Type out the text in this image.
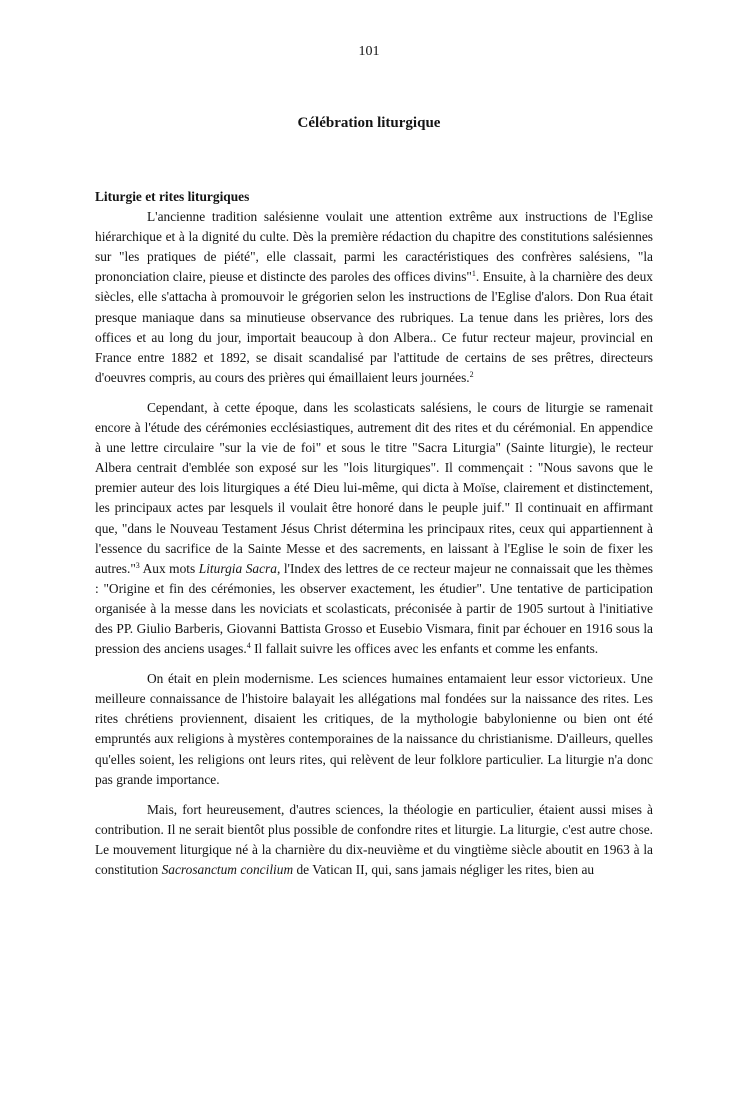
101
Célébration liturgique

Liturgie et rites liturgiques

L'ancienne tradition salésienne voulait une attention extrême aux instructions de l'Eglise hiérarchique et à la dignité du culte. Dès la première rédaction du chapitre des constitutions salésiennes sur "les pratiques de piété", elle classait, parmi les caractéristiques des confrères salésiens, "la prononciation claire, pieuse et distincte des paroles des offices divins"$^1$. Ensuite, à la charnière des deux siècles, elle s'attacha à promouvoir le grégorien selon les instructions de l'Eglise d'alors. Don Rua était presque maniaque dans sa minutieuse observance des rubriques. La tenue dans les prières, lors des offices et au long du jour, importait beaucoup à don Albera.. Ce futur recteur majeur, provincial en France entre 1882 et 1892, se disait scandalisé par l'attitude de certains de ses prêtres, directeurs d'oeuvres compris, au cours des prières qui émaillaient leurs journées.$^2$

Cependant, à cette époque, dans les scolasticats salésiens, le cours de liturgie se ramenait encore à l'étude des cérémonies ecclésiastiques, autrement dit des rites et du cérémonial. En appendice à une lettre circulaire "sur la vie de foi" et sous le titre "Sacra Liturgia" (Sainte liturgie), le recteur Albera centrait d'emblée son exposé sur les "lois liturgiques". Il commençait : "Nous savons que le premier auteur des lois liturgiques a été Dieu lui-même, qui dicta à Moïse, clairement et distinctement, les principaux actes par lesquels il voulait être honoré dans le peuple juif." Il continuait en affirmant que, "dans le Nouveau Testament Jésus Christ détermina les principaux rites, ceux qui appartiennent à l'essence du sacrifice de la Sainte Messe et des sacrements, en laissant à l'Eglise le soin de fixer les autres."$^3$ Aux mots Liturgia Sacra, l'Index des lettres de ce recteur majeur ne connaissait que les thèmes : "Origine et fin des cérémonies, les observer exactement, les étudier". Une tentative de participation organisée à la messe dans les noviciats et scolasticats, préconisée à partir de 1905 surtout à l'initiative des PP. Giulio Barberis, Giovanni Battista Grosso et Eusebio Vismara, finit par échouer en 1916 sous la pression des anciens usages.$^4$ Il fallait suivre les offices avec les enfants et comme les enfants.

On était en plein modernisme. Les sciences humaines entamaient leur essor victorieux. Une meilleure connaissance de l'histoire balayait les allégations mal fondées sur la naissance des rites. Les rites chrétiens proviennent, disaient les critiques, de la mythologie babylonienne ou bien ont été empruntés aux religions à mystères contemporaines de la naissance du christianisme. D'ailleurs, quelles qu'elles soient, les religions ont leurs rites, qui relèvent de leur folklore particulier. La liturgie n'a donc pas grande importance.

Mais, fort heureusement, d'autres sciences, la théologie en particulier, étaient aussi mises à contribution. Il ne serait bientôt plus possible de confondre rites et liturgie. La liturgie, c'est autre chose. Le mouvement liturgique né à la charnière du dix-neuvième et du vingtième siècle aboutit en 1963 à la constitution Sacrosanctum concilium de Vatican II, qui, sans jamais négliger les rites, bien au
